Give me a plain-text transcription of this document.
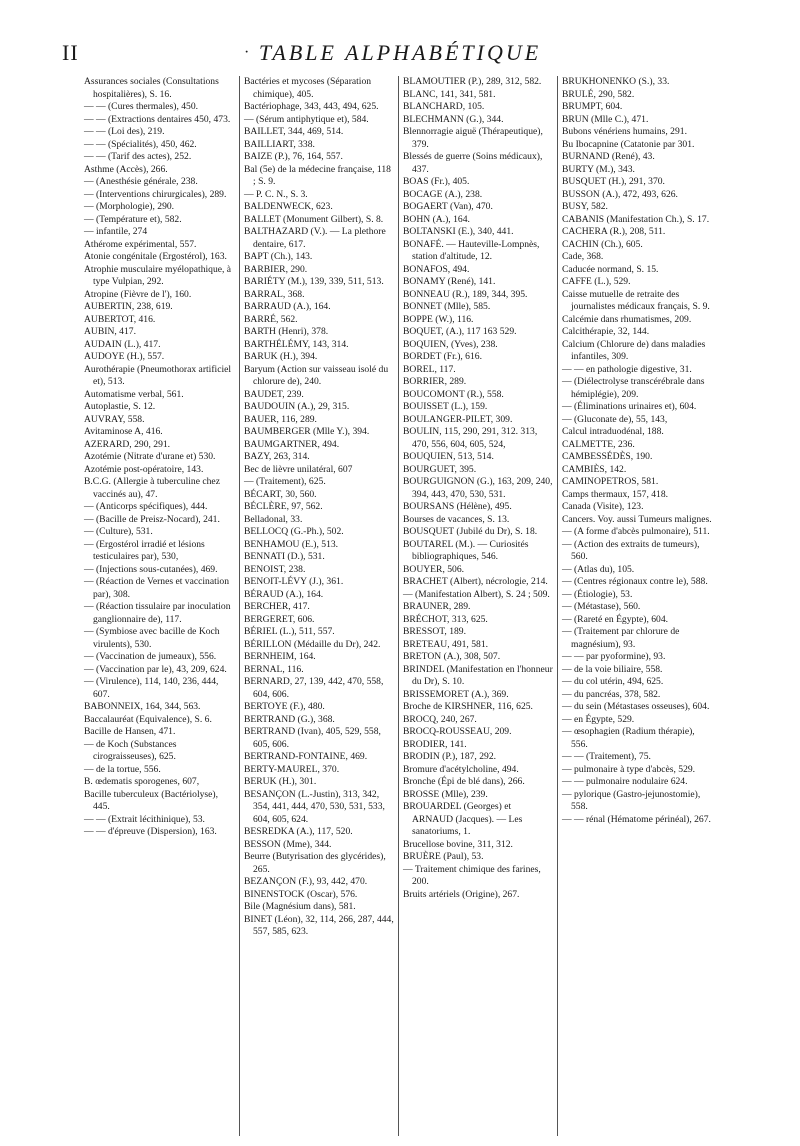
II	· TABLE ALPHABÉTIQUE
Assurances sociales (Consultations hospitalières), S. 16.
— — (Cures thermales), 450.
— — (Extractions dentaires 450, 473.
— — (Loi des), 219.
— — (Spécialités), 450, 462.
— — (Tarif des actes), 252.
Asthme (Accès), 266.
— (Anesthésie générale, 238.
— (Interventions chirurgicales), 289.
— (Morphologie), 290.
— (Température et), 582.
— infantile, 274
Athérome expérimental, 557.
Atonie congénitale (Ergostérol), 163.
Atrophie musculaire myélopathique, à type Vulpian, 292.
Atropine (Fièvre de l'), 160.
AUBERTIN, 238, 619.
AUBERTOT, 416.
AUBIN, 417.
AUDAIN (L.), 417.
AUDOYE (H.), 557.
Aurothérapie (Pneumothorax artificiel et), 513.
Automatisme verbal, 561.
Autoplastie, S. 12.
AUVRAY, 558.
Avitaminose A, 416.
AZERARD, 290, 291.
Azotémie (Nitrate d'urane et) 530.
Azotémie post-opératoire, 143.
B.C.G. (Allergie à tuberculine chez vaccinés au), 47.
— (Anticorps spécifiques), 444.
— (Bacille de Preisz-Nocard), 241.
— (Culture), 531.
— (Ergostérol irradié et lésions testiculaires par), 530,
— (Injections sous-cutanées), 469.
— (Réaction de Vernes et vaccination par), 308.
— (Réaction tissulaire par inoculation ganglionnaire de), 117.
— (Symbiose avec bacille de Koch virulents), 530.
— (Vaccination de jumeaux), 556.
— (Vaccination par le), 43, 209, 624.
— (Virulence), 114, 140, 236, 444, 607.
BABONNEIX, 164, 344, 563.
Baccalauréat (Equivalence), S. 6.
Bacille de Hansen, 471.
— de Koch (Substances cirograisseuses), 625.
— de la tortue, 556.
B. œdematis sporogenes, 607,
Bacille tuberculeux (Bactériolyse), 445.
— — (Extrait lécithinique), 53.
— — d'épreuve (Dispersion), 163.
Bactéries et mycoses (Séparation chimique), 405.
Bactériophage, 343, 443, 494, 625.
— (Sérum antiphytique et), 584.
BAILLET, 344, 469, 514.
BAILLIART, 338.
BAIZE (P.), 76, 164, 557.
Bal (5e) de la médecine française, 118 ; S. 9.
— P. C. N., S. 3.
BALDENWECK, 623.
BALLET (Monument Gilbert), S. 8.
BALTHAZARD (V.). — La plethore dentaire, 617.
BAPT (Ch.), 143.
BARBIER, 290.
BARIÉTY (M.), 139, 339, 511, 513.
BARRAL, 368.
BARRAUD (A.), 164.
BARRÉ, 562.
BARTH (Henri), 378.
BARTHÉLÉMY, 143, 314.
BARUK (H.), 394.
Baryum (Action sur vaisseau isolé du chlorure de), 240.
BAUDET, 239.
BAUDOUIN (A.), 29, 315.
BAUER, 116, 289.
BAUMBERGER (Mlle Y.), 394.
BAUMGARTNER, 494.
BAZY, 263, 314.
Bec de lièvre unilatéral, 607
— (Traitement), 625.
BÉCART, 30, 560.
BÉCLÈRE, 97, 562.
Belladonal, 33.
BELLOCQ (G.-Ph.), 502.
BENHAMOU (E.), 513.
BENNATI (D.), 531.
BENOIST, 238.
BENOIT-LÉVY (J.), 361.
BÉRAUD (A.), 164.
BERCHER, 417.
BERGERET, 606.
BÉRIEL (L.), 511, 557.
BÉRILLON (Médaille du Dr), 242.
BERNHEIM, 164.
BERNAL, 116.
BERNARD, 27, 139, 442, 470, 558, 604, 606.
BERTOYE (F.), 480.
BERTRAND (G.), 368.
BERTRAND (Ivan), 405, 529, 558, 605, 606.
BERTRAND-FONTAINE, 469.
BERTY-MAUREL, 370.
BERUK (H.), 301.
BESANÇON (L.-Justin), 313, 342, 354, 441, 444, 470, 530, 531, 533, 604, 605, 624.
BESREDKA (A.), 117, 520.
BESSON (Mme), 344.
Beurre (Butyrisation des glycérides), 265.
BEZANÇON (F.), 93, 442, 470.
BINENSTOCK (Oscar), 576.
Bile (Magnésium dans), 581.
BINET (Léon), 32, 114, 266, 287, 444, 557, 585, 623.
BLAMOUTIER (P.), 289, 312, 582.
BLANC, 141, 341, 581.
BLANCHARD, 105.
BLECHMANN (G.), 344.
Blennorragie aiguë (Thérapeutique), 379.
Blessés de guerre (Soins médicaux), 437.
BOAS (Fr.), 405.
BOCAGE (A.), 238.
BOGAERT (Van), 470.
BOHN (A.), 164.
BOLTANSKI (E.), 340, 441.
BONAFÉ. — Hauteville-Lompnès, station d'altitude, 12.
BONAFOS, 494.
BONAMY (René), 141.
BONNEAU (R.), 189, 344, 395.
BONNET (Mlle), 585.
BOPPE (W.), 116.
BOQUET, (A.), 117 163 529.
BOQUIEN, (Yves), 238.
BORDET (Fr.), 616.
BOREL, 117.
BORRIER, 289.
BOUCOMONT (R.), 558.
BOUISSET (L.), 159.
BOULANGER-PILET, 309.
BOULIN, 115, 290, 291, 312. 313, 470, 556, 604, 605, 524,
BOUQUIEN, 513, 514.
BOURGUET, 395.
BOURGUIGNON (G.), 163, 209, 240, 394, 443, 470, 530, 531.
BOURSANS (Hélène), 495.
Bourses de vacances, S. 13.
BOUSQUET (Jubilé du Dr), S. 18.
BOUTAREL (M.). — Curiosités bibliographiques, 546.
BOUYER, 506.
BRACHET (Albert), nécrologie, 214.
— (Manifestation Albert), S. 24 ; 509.
BRAUNER, 289.
BRÉCHOT, 313, 625.
BRESSOT, 189.
BRETEAU, 491, 581.
BRETON (A.), 308, 507.
BRINDEL (Manifestation en l'honneur du Dr), S. 10.
BRISSEMORET (A.), 369.
Broche de KIRSHNER, 116, 625.
BROCQ, 240, 267.
BROCQ-ROUSSEAU, 209.
BRODIER, 141.
BRODIN (P.), 187, 292.
Bromure d'acétylcholine, 494.
Bronche (Épi de blé dans), 266.
BROSSE (Mlle), 239.
BROUARDEL (Georges) et ARNAUD (Jacques). — Les sanatoriums, 1.
Brucellose bovine, 311, 312.
BRUÈRE (Paul), 53.
— Traitement chimique des farines, 200.
Bruits artériels (Origine), 267.
BRUKHONENKO (S.), 33.
BRULÉ, 290, 582.
BRUMPT, 604.
BRUN (Mlle C.), 471.
Bubons vénériens humains, 291.
Bu Ibocapnine (Catatonie par 301.
BURNAND (René), 43.
BURTY (M.), 343.
BUSQUET (H.), 291, 370.
BUSSON (A.), 472, 493, 626.
BUSY, 582.
CABANIS (Manifestation Ch.), S. 17.
CACHERA (R.), 208, 511.
CACHIN (Ch.), 605.
Cade, 368.
Caducée normand, S. 15.
CAFFE (L.), 529.
Caisse mutuelle de retraite des journalistes médicaux français, S. 9.
Calcémie dans rhumatismes, 209.
Calcithérapie, 32, 144.
Calcium (Chlorure de) dans maladies infantiles, 309.
— — en pathologie digestive, 31.
— (Diélectrolyse transcérébrale dans hémiplégie), 209.
— (Éliminations urinaires et), 604.
— (Gluconate de), 55, 143,
Calcul intraduodénal, 188.
CALMETTE, 236.
CAMBESSÉDÈS, 190.
CAMBIÈS, 142.
CAMINOPETROS, 581.
Camps thermaux, 157, 418.
Canada (Visite), 123.
Cancers. Voy. aussi Tumeurs malignes.
— (A forme d'abcès pulmonaire), 511.
— (Action des extraits de tumeurs), 560.
— (Atlas du), 105.
— (Centres régionaux contre le), 588.
— (Étiologie), 53.
— (Métastase), 560.
— (Rareté en Égypte), 604.
— (Traitement par chlorure de magnésium), 93.
— — par pyoformine), 93.
— de la voie biliaire, 558.
— du col utérin, 494, 625.
— du pancréas, 378, 582.
— du sein (Métastases osseuses), 604.
— en Égypte, 529.
— œsophagien (Radium thérapie), 556.
— — (Traitement), 75.
— pulmonaire à type d'abcès, 529.
— — pulmonaire nodulaire 624.
— pylorique (Gastro-jejunostomie), 558.
— — rénal (Hématome périnéal), 267.
